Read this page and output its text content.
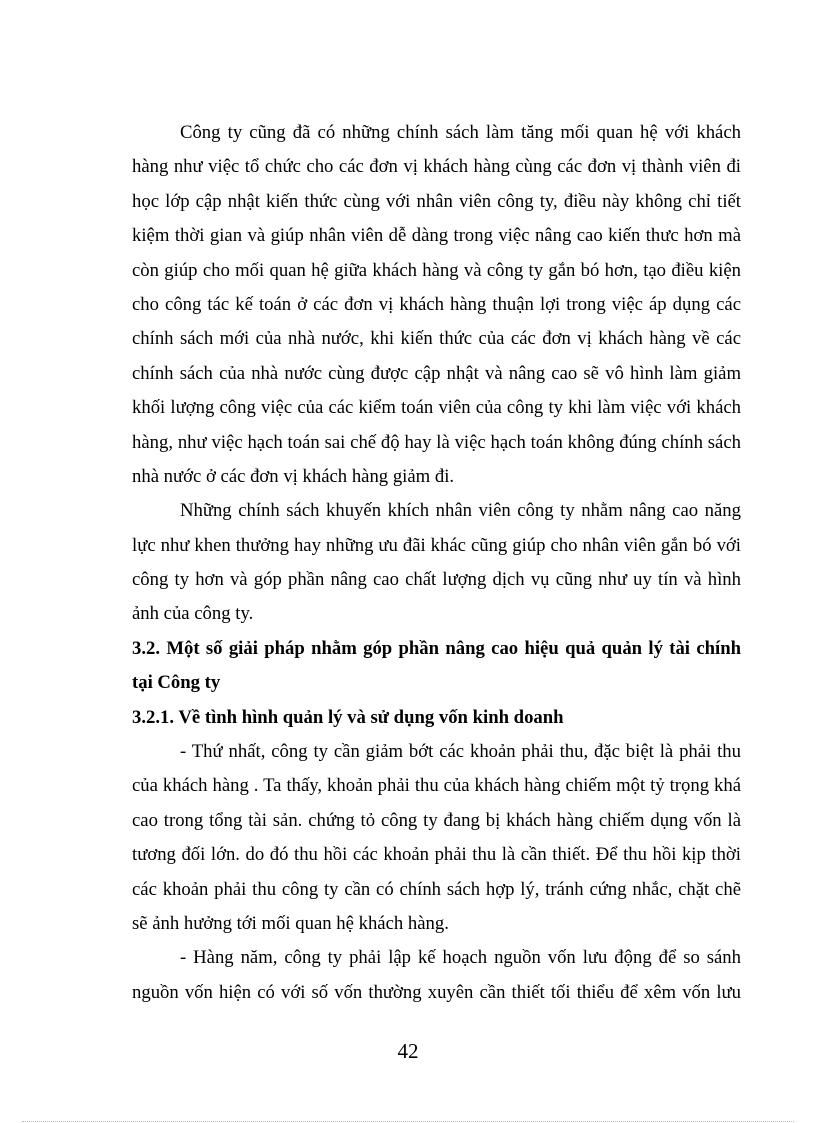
Công ty cũng đã có những chính sách làm tăng mối quan hệ với khách
hàng như việc tổ chức cho các đơn vị khách hàng cùng các đơn vị thành viên đi
học lớp cập nhật kiến thức cùng với nhân viên công ty, điều này không chỉ tiết
kiệm thời gian và giúp nhân viên dễ dàng trong việc nâng cao kiến thưc hơn mà
còn giúp cho mối quan hệ giữa khách hàng và công ty gắn bó hơn, tạo điều kiện
cho công tác kế toán ở các đơn vị khách hàng thuận lợi trong việc áp dụng các
chính sách mới của nhà nước, khi kiến thức của các đơn vị khách hàng về các
chính sách của nhà nước cùng được cập nhật và nâng cao sẽ vô hình làm giảm
khối lượng công việc của các kiểm toán viên của công ty khi làm việc với khách
hàng, như việc hạch toán sai chế độ hay là việc hạch toán không đúng chính sách
nhà nước ở các đơn vị khách hàng giảm đi.
Những chính sách khuyến khích nhân viên công ty nhằm nâng cao năng
lực như khen thưởng hay những ưu đãi khác cũng giúp cho nhân viên gắn bó với
công ty hơn và góp phần nâng cao chất lượng dịch vụ cũng như uy tín và hình
ảnh của công ty.
3.2. Một số giải pháp nhằm góp phần nâng cao hiệu quả quản lý tài chính
tại Công ty
3.2.1. Về tình hình quản lý và sử dụng vốn kinh doanh
- Thứ nhất, công ty cần giảm bớt các khoản phải thu, đặc biệt là phải thu
của khách hàng . Ta thấy, khoản phải thu của khách hàng chiếm một tỷ trọng khá
cao trong tổng tài sản. chứng tỏ công ty đang bị khách hàng chiếm dụng vốn là
tương đối lớn. do đó thu hồi các khoản phải thu là cần thiết. Để thu hồi kịp thời
các khoản phải thu công ty cần có chính sách hợp lý, tránh cứng nhắc, chặt chẽ
sẽ ảnh hưởng tới mối quan hệ khách hàng.
- Hàng năm, công ty phải lập kế hoạch nguồn vốn lưu động để so sánh
nguồn vốn hiện có với số vốn thường xuyên cần thiết tối thiểu để xêm vốn lưu
42
